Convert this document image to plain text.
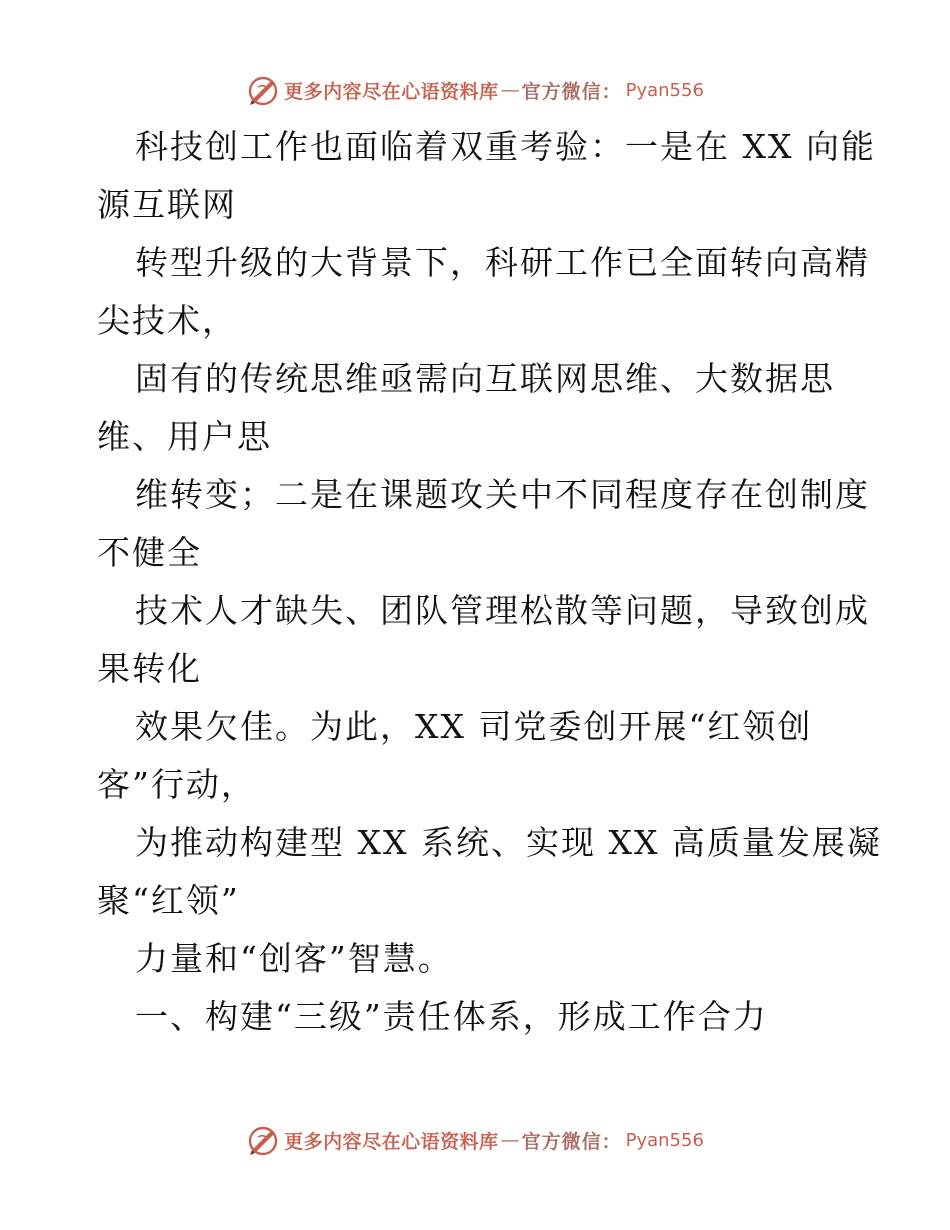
更多内容尽在心语资料库 — 官方微信： Pyan556
科技创工作也面临着双重考验：一是在 XX 向能
源互联网
转型升级的大背景下，科研工作已全面转向高精
尖技术，
固有的传统思维亟需向互联网思维、大数据思
维、用户思
维转变；二是在课题攻关中不同程度存在创制度
不健全
技术人才缺失、团队管理松散等问题，导致创成
果转化
效果欠佳。为此，XX 司党委创开展“红领创
客”行动，
为推动构建型 XX 系统、实现 XX 高质量发展凝
聚“红领”
力量和“创客”智慧。
一、构建“三级”责任体系，形成工作合力
更多内容尽在心语资料库 — 官方微信： Pyan556
